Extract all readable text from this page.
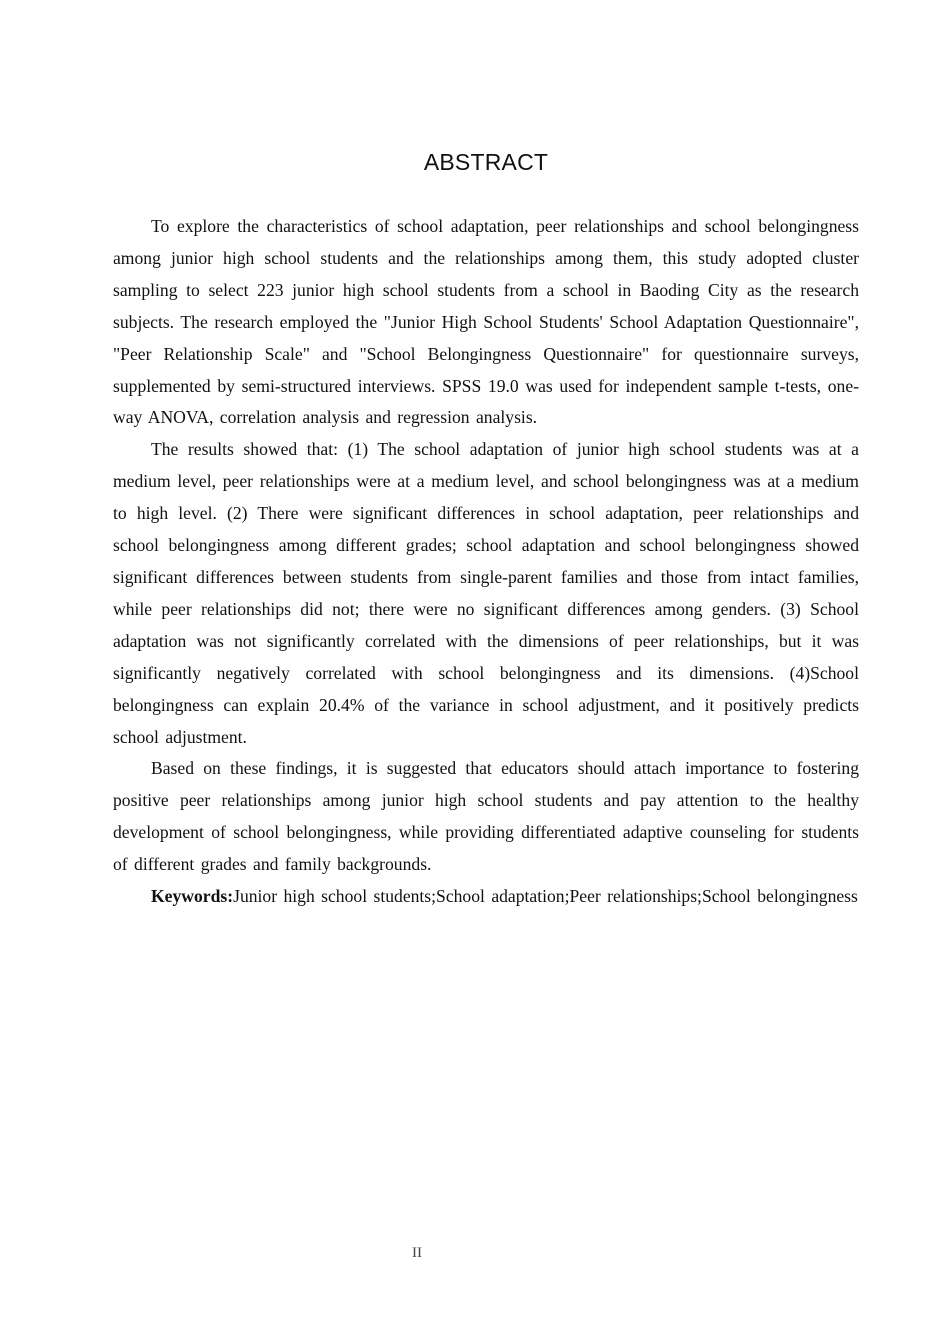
ABSTRACT

To explore the characteristics of school adaptation, peer relationships and school belongingness among junior high school students and the relationships among them, this study adopted cluster sampling to select 223 junior high school students from a school in Baoding City as the research subjects. The research employed the "Junior High School Students' School Adaptation Questionnaire", "Peer Relationship Scale" and "School Belongingness Questionnaire" for questionnaire surveys, supplemented by semi-structured interviews. SPSS 19.0 was used for independent sample t-tests, one-way ANOVA, correlation analysis and regression analysis.

The results showed that: (1) The school adaptation of junior high school students was at a medium level, peer relationships were at a medium level, and school belongingness was at a medium to high level. (2) There were significant differences in school adaptation, peer relationships and school belongingness among different grades; school adaptation and school belongingness showed significant differences between students from single-parent families and those from intact families, while peer relationships did not; there were no significant differences among genders. (3) School adaptation was not significantly correlated with the dimensions of peer relationships, but it was significantly negatively correlated with school belongingness and its dimensions. (4)School belongingness can explain 20.4% of the variance in school adjustment, and it positively predicts school adjustment.

Based on these findings, it is suggested that educators should attach importance to fostering positive peer relationships among junior high school students and pay attention to the healthy development of school belongingness, while providing differentiated adaptive counseling for students of different grades and family backgrounds.

Keywords:Junior high school students;School adaptation;Peer relationships;School belongingness

II
